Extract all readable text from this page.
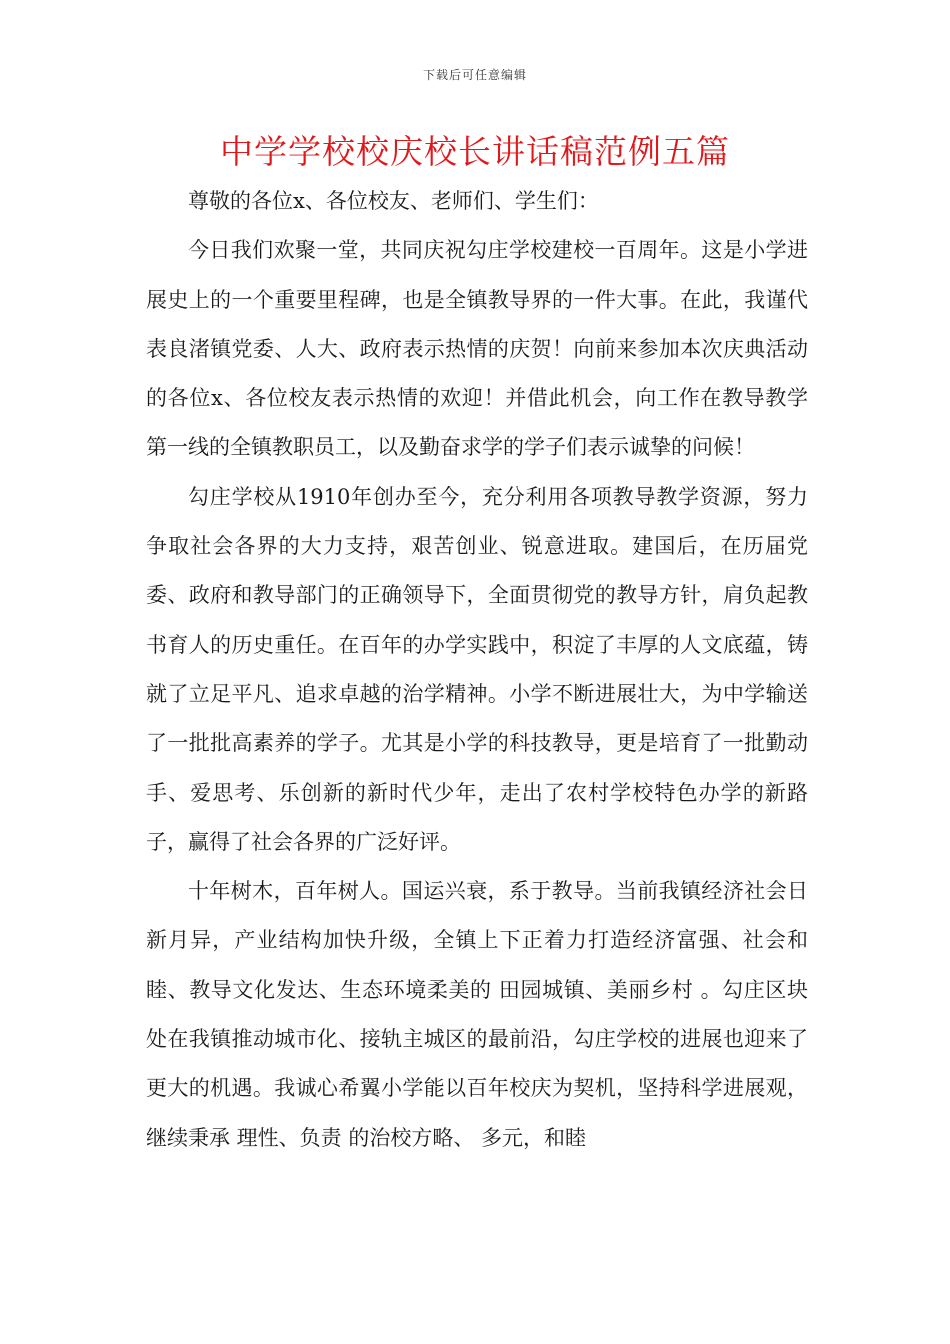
下载后可任意编辑
中学学校校庆校长讲话稿范例五篇

尊敬的各位x、各位校友、老师们、学生们：

今日我们欢聚一堂，共同庆祝勾庄学校建校一百周年。这是小学进展史上的一个重要里程碑，也是全镇教导界的一件大事。在此，我谨代表良渚镇党委、人大、政府表示热情的庆贺！向前来参加本次庆典活动的各位x、各位校友表示热情的欢迎！并借此机会，向工作在教导教学第一线的全镇教职员工，以及勤奋求学的学子们表示诚挚的问候！

勾庄学校从1910年创办至今，充分利用各项教导教学资源，努力争取社会各界的大力支持，艰苦创业、锐意进取。建国后，在历届党委、政府和教导部门的正确领导下，全面贯彻党的教导方针，肩负起教书育人的历史重任。在百年的办学实践中，积淀了丰厚的人文底蕴，铸就了立足平凡、追求卓越的治学精神。小学不断进展壮大，为中学输送了一批批高素养的学子。尤其是小学的科技教导，更是培育了一批勤动手、爱思考、乐创新的新时代少年，走出了农村学校特色办学的新路子，赢得了社会各界的广泛好评。

十年树木，百年树人。国运兴衰，系于教导。当前我镇经济社会日新月异，产业结构加快升级，全镇上下正着力打造经济富强、社会和睦、教导文化发达、生态环境柔美的 田园城镇、美丽乡村 。勾庄区块处在我镇推动城市化、接轨主城区的最前沿，勾庄学校的进展也迎来了更大的机遇。我诚心希翼小学能以百年校庆为契机，坚持科学进展观，继续秉承 理性、负责 的治校方略、 多元，和睦
